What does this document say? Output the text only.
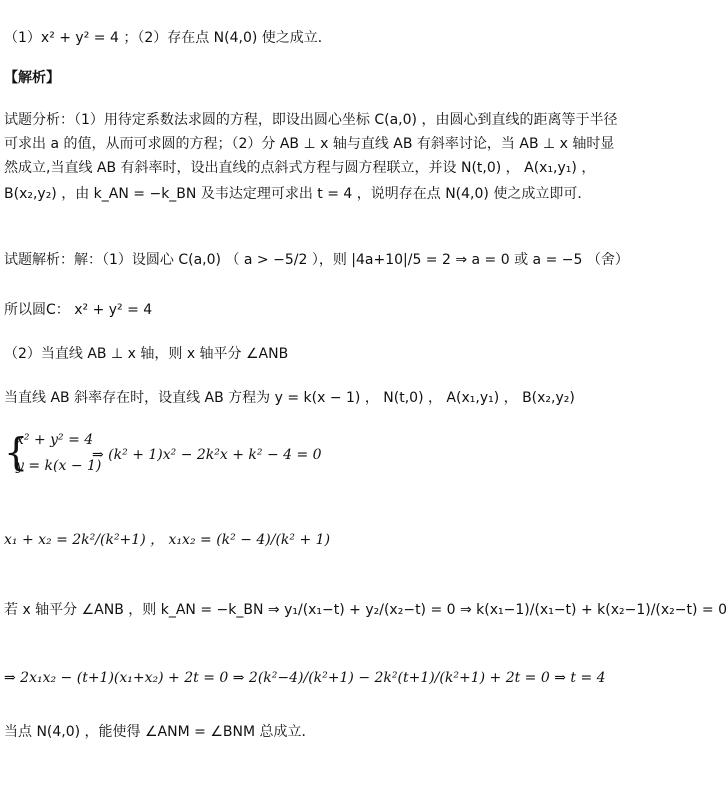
（1）x² + y² = 4 ；（2）存在点 N(4,0) 使之成立．
【解析】
试题分析：（1）用待定系数法求圆的方程，即设出圆心坐标 C(a,0) ，由圆心到直线的距离等于半径
可求出 a 的值，从而可求圆的方程；（2）分 AB ⊥ x 轴与直线 AB 有斜率讨论，当 AB ⊥ x 轴时显
然成立,当直线 AB 有斜率时，设出直线的点斜式方程与圆方程联立，并设 N(t,0) ， A(x₁,y₁) ，
B(x₂,y₂) ，由 k_AN = −k_BN 及韦达定理可求出 t = 4 ，说明存在点 N(4,0) 使之成立即可．
试题解析：解：（1）设圆心 C(a,0) （ a > −5/2 ），则 |4a+10|/5 = 2 ⇒ a = 0 或 a = −5 （舍）
所以圆C： x² + y² = 4
（2）当直线 AB ⊥ x 轴，则 x 轴平分 ∠ANB
当直线 AB 斜率存在时，设直线 AB 方程为 y = k(x − 1) ， N(t,0) ， A(x₁,y₁) ， B(x₂,y₂)
{
x² + y² = 4
y = k(x − 1)
⇒ (k² + 1)x² − 2k²x + k² − 4 = 0
x₁ + x₂ = 2k²/(k²+1) ， x₁x₂ = (k² − 4)/(k² + 1)
若 x 轴平分 ∠ANB ，则 k_AN = −k_BN ⇒ y₁/(x₁−t) + y₂/(x₂−t) = 0 ⇒ k(x₁−1)/(x₁−t) + k(x₂−1)/(x₂−t) = 0
⇒ 2x₁x₂ − (t+1)(x₁+x₂) + 2t = 0 ⇒ 2(k²−4)/(k²+1) − 2k²(t+1)/(k²+1) + 2t = 0 ⇒ t = 4
当点 N(4,0) ，能使得 ∠ANM = ∠BNM 总成立．
